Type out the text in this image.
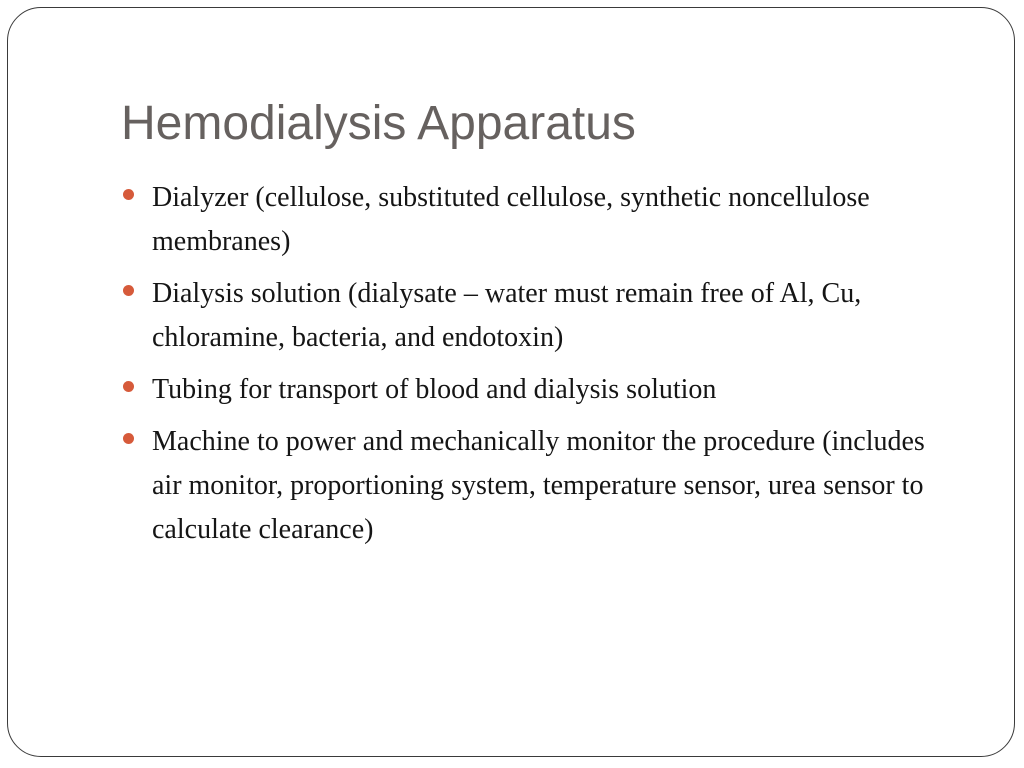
Hemodialysis Apparatus
Dialyzer (cellulose, substituted cellulose, synthetic noncellulose membranes)
Dialysis solution (dialysate – water must remain free of Al, Cu, chloramine, bacteria, and endotoxin)
Tubing for transport of blood and dialysis solution
Machine to power and mechanically monitor the procedure (includes air monitor, proportioning system, temperature sensor, urea sensor to calculate clearance)
